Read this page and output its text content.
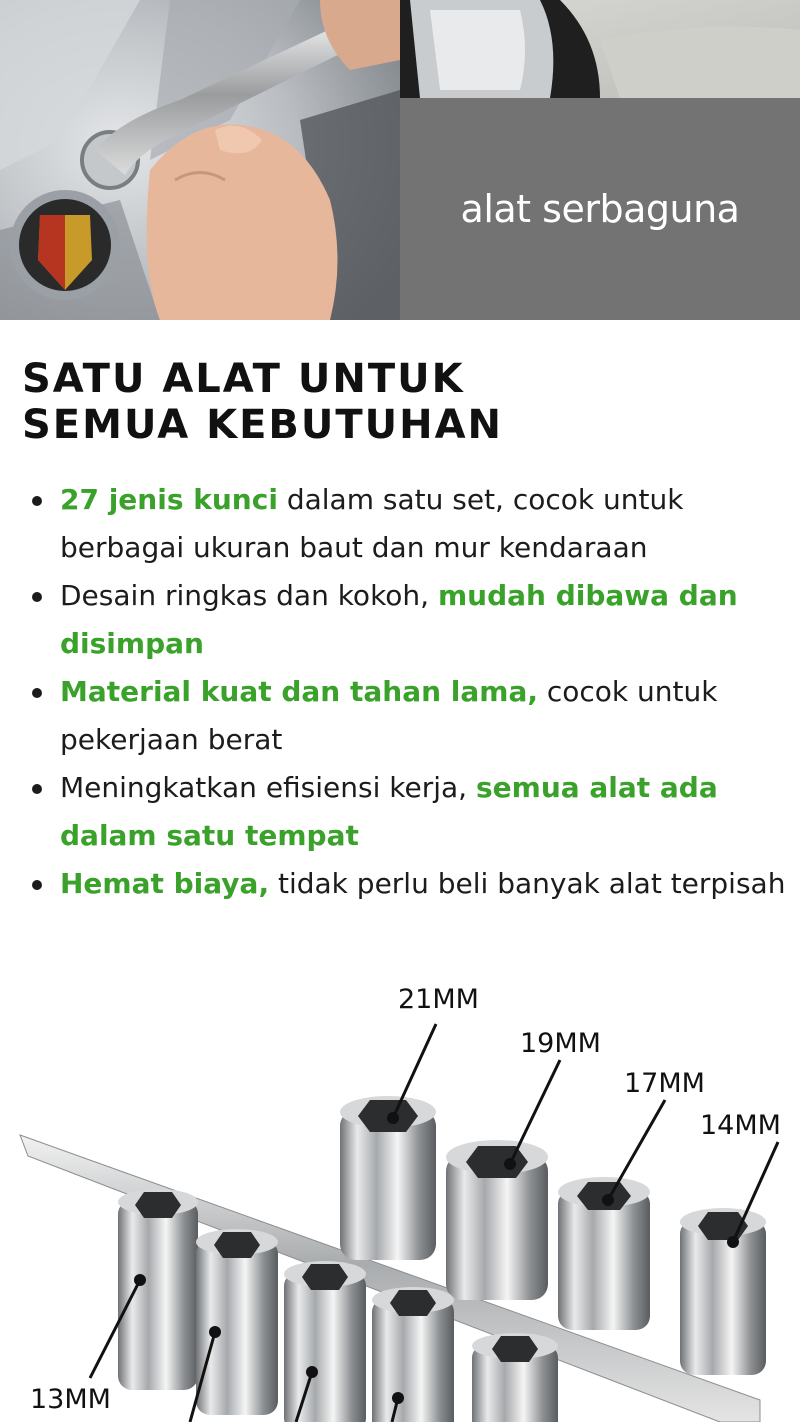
alat serbaguna
SATU ALAT UNTUK
SEMUA KEBUTUHAN
27 jenis kunci dalam satu set, cocok untuk berbagai ukuran baut dan mur kendaraan
Desain ringkas dan kokoh, mudah dibawa dan disimpan
Material kuat dan tahan lama, cocok untuk pekerjaan berat
Meningkatkan efisiensi kerja, semua alat ada dalam satu tempat
Hemat biaya, tidak perlu beli banyak alat terpisah
21MM
19MM
17MM
14MM
13MM
